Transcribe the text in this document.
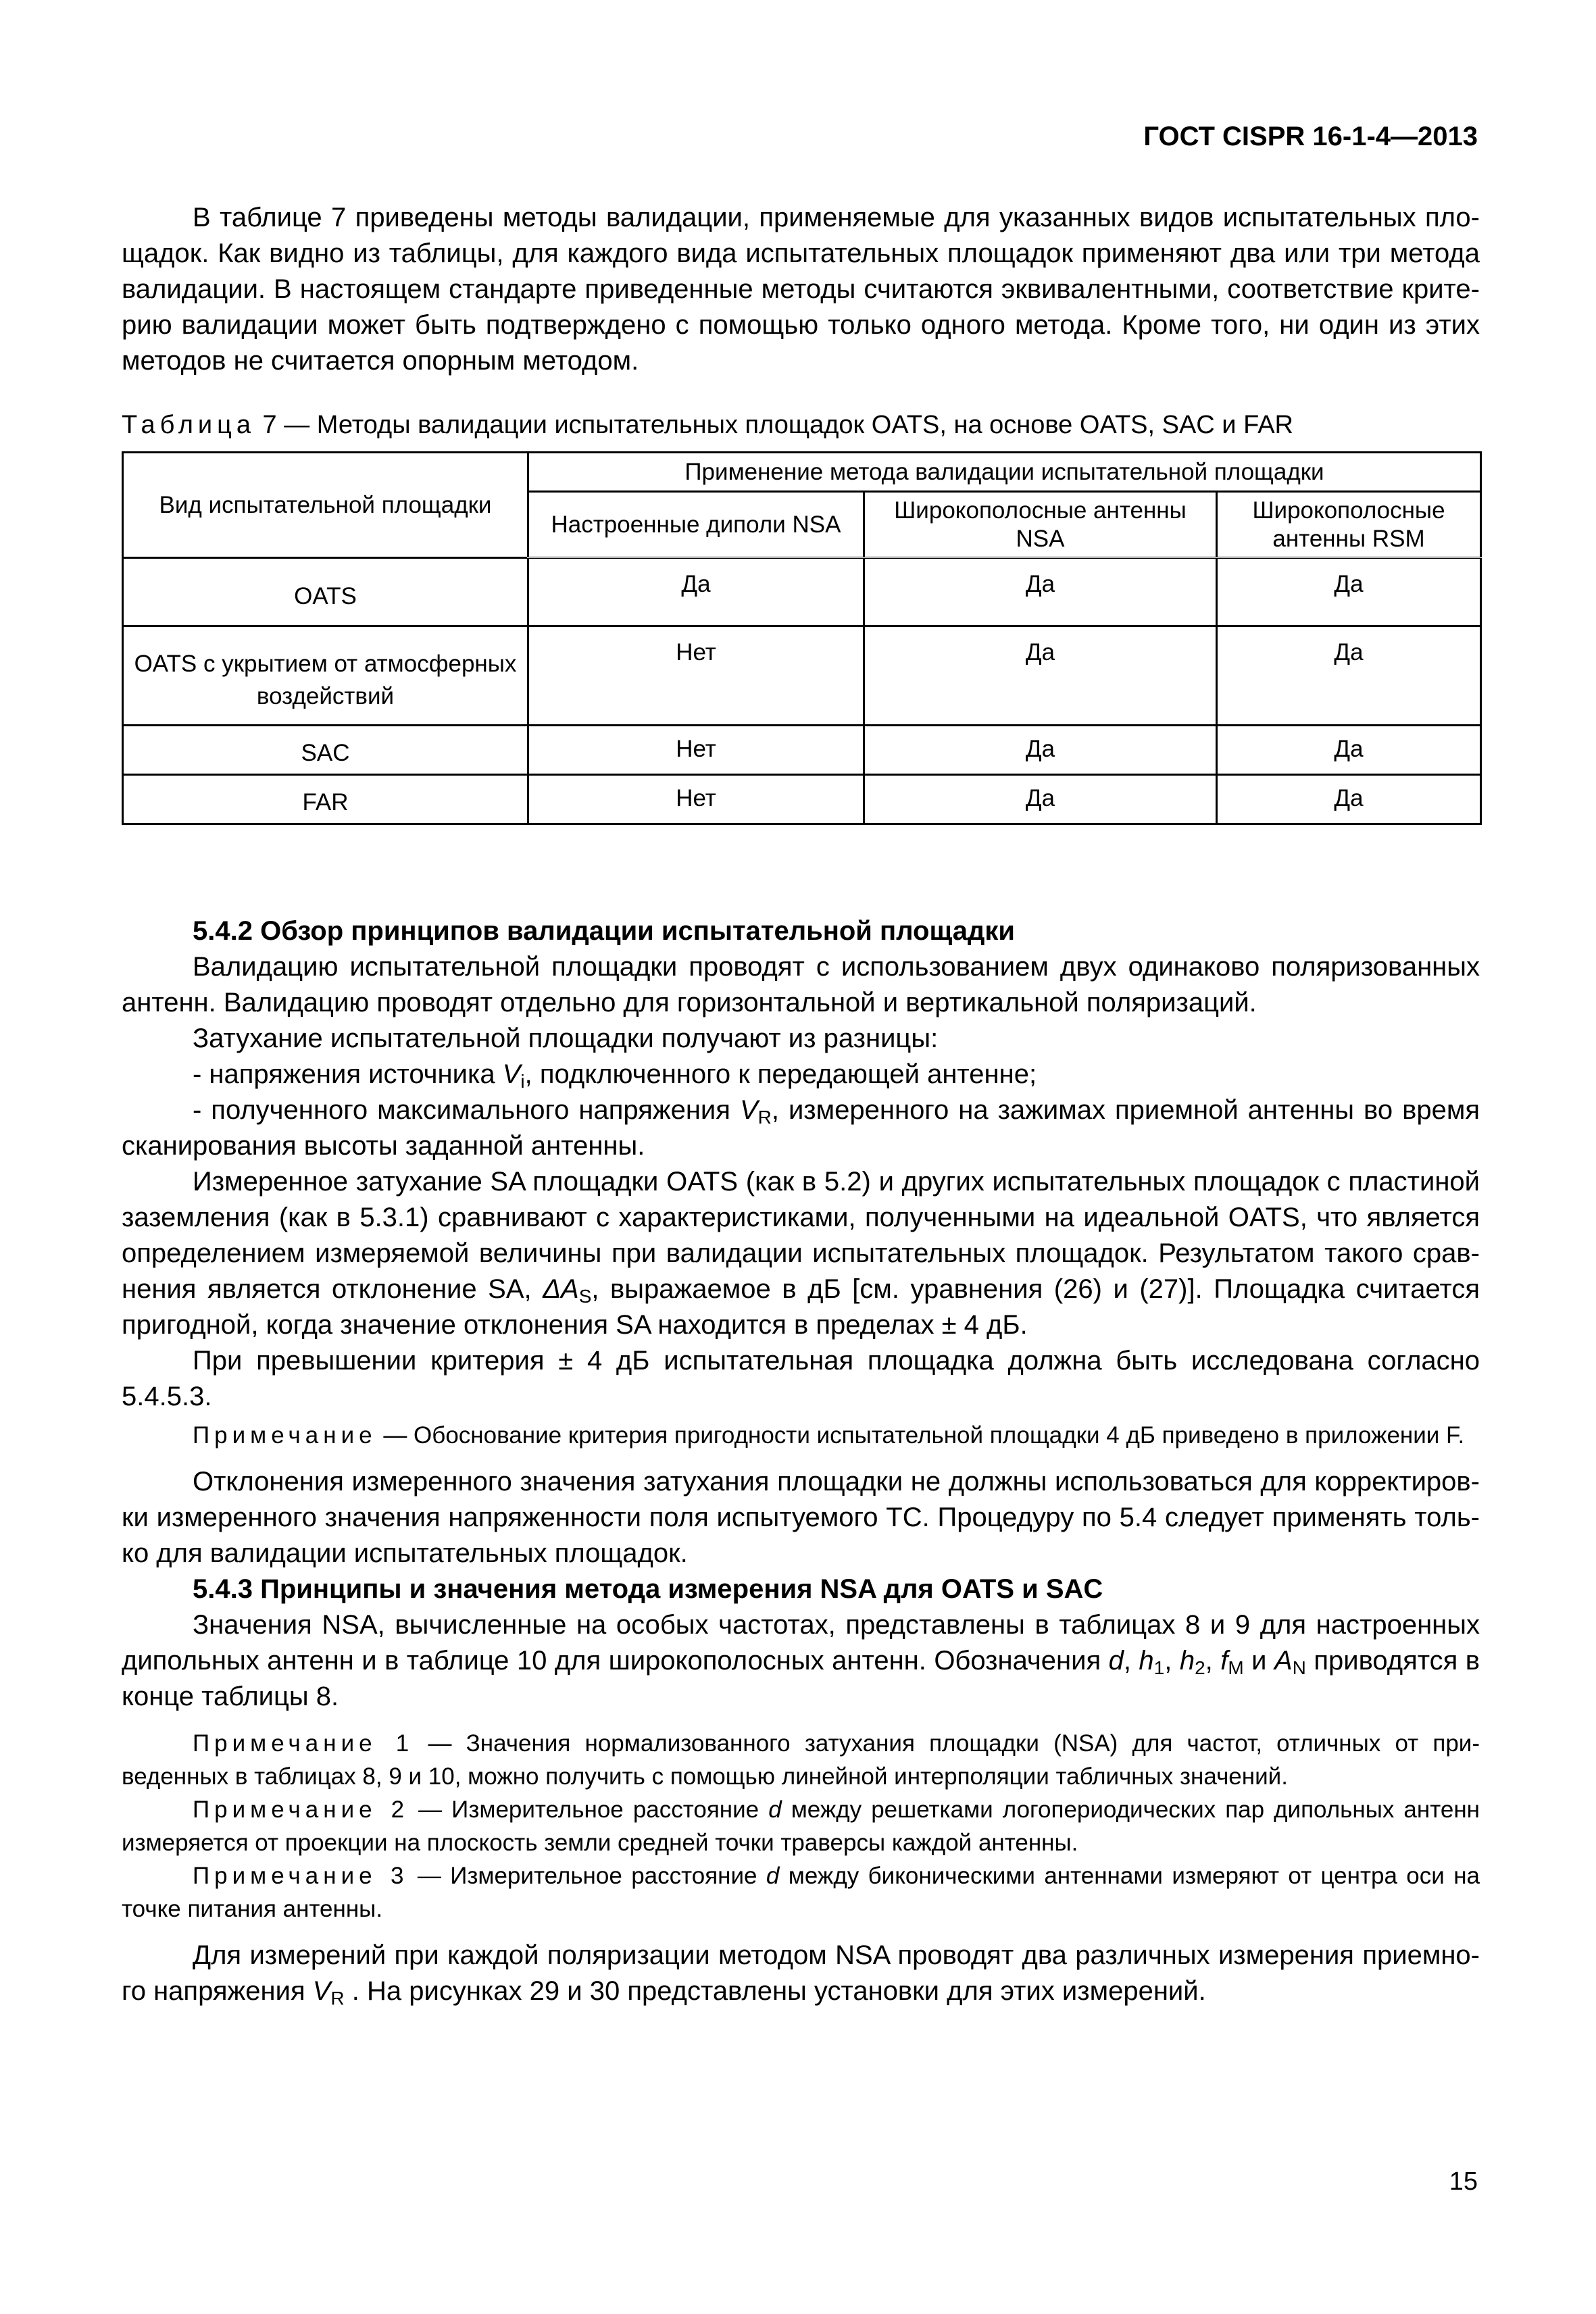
ГОСТ CISPR 16-1-4—2013

В таблице 7 приведены методы валидации, применяемые для указанных видов испытательных площадок. Как видно из таблицы, для каждого вида испытательных площадок применяют два или три метода валидации. В настоящем стандарте приведенные методы считаются эквивалентными, соответствие критерию валидации может быть подтверждено с помощью только одного метода. Кроме того, ни один из этих методов не считается опорным методом.

Таблица 7 — Методы валидации испытательных площадок OATS, на основе OATS, SAC и FAR
Вид испытательной площадки	Применение метода валидации испытательной площадки		
	Настроенные диполи NSA	Широкополосные антенны NSA	Широкополосные антенны RSM
OATS	Да	Да	Да
OATS с укрытием от атмосферных воздействий	Нет	Да	Да
SAC	Нет	Да	Да
FAR	Нет	Да	Да

5.4.2 Обзор принципов валидации испытательной площадки

Валидацию испытательной площадки проводят с использованием двух одинаково поляризованных антенн. Валидацию проводят отдельно для горизонтальной и вертикальной поляризаций.

Затухание испытательной площадки получают из разницы:

- напряжения источника $V_i$, подключенного к передающей антенне;

- полученного максимального напряжения $V_R$, измеренного на зажимах приемной антенны во время сканирования высоты заданной антенны.

Измеренное затухание SA площадки OATS (как в 5.2) и других испытательных площадок с пластиной заземления (как в 5.3.1) сравнивают с характеристиками, полученными на идеальной OATS, что является определением измеряемой величины при валидации испытательных площадок. Результатом такого сравнения является отклонение SA, $\Delta A_S$, выражаемое в дБ [см. уравнения (26) и (27)]. Площадка считается пригодной, когда значение отклонения SA находится в пределах ± 4 дБ.

При превышении критерия ± 4 дБ испытательная площадка должна быть исследована согласно 5.4.5.3.

Примечание — Обоснование критерия пригодности испытательной площадки 4 дБ приведено в приложении F.

Отклонения измеренного значения затухания площадки не должны использоваться для корректировки измеренного значения напряженности поля испытуемого ТС. Процедуру по 5.4 следует применять только для валидации испытательных площадок.

5.4.3 Принципы и значения метода измерения NSA для OATS и SAC

Значения NSA, вычисленные на особых частотах, представлены в таблицах 8 и 9 для настроенных дипольных антенн и в таблице 10 для широкополосных антенн. Обозначения d, $h_1$, $h_2$, $f_M$ и $A_N$ приводятся в конце таблицы 8.

Примечание 1 — Значения нормализованного затухания площадки (NSA) для частот, отличных от приведенных в таблицах 8, 9 и 10, можно получить с помощью линейной интерполяции табличных значений.

Примечание 2 — Измерительное расстояние d между решетками логопериодических пар дипольных антенн измеряется от проекции на плоскость земли средней точки траверсы каждой антенны.

Примечание 3 — Измерительное расстояние d между биконическими антеннами измеряют от центра оси на точке питания антенны.

Для измерений при каждой поляризации методом NSA проводят два различных измерения приемного напряжения $V_R$ . На рисунках 29 и 30 представлены установки для этих измерений.

15
